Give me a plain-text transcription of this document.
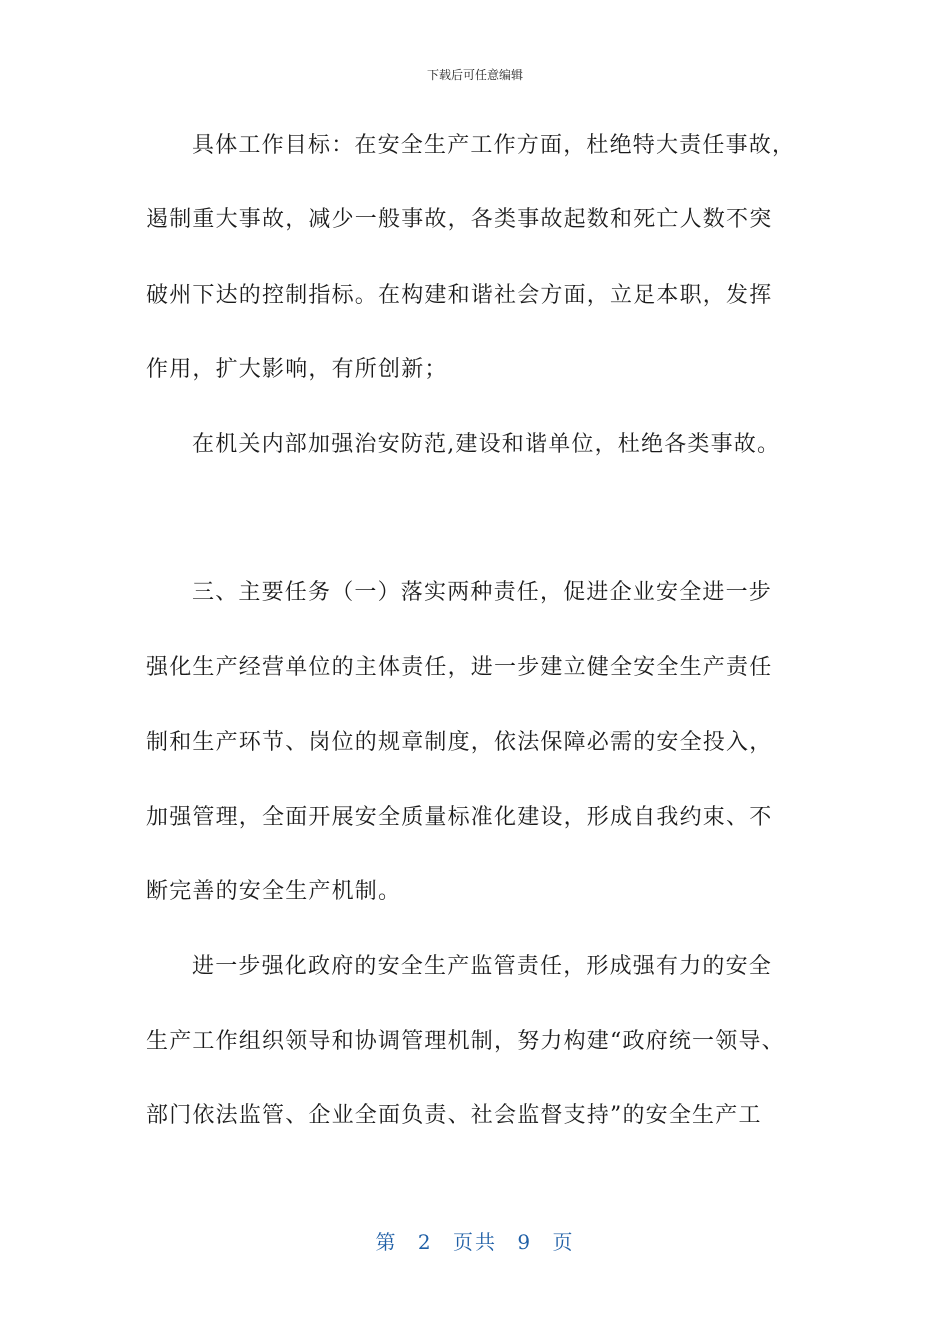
下载后可任意编辑
具体工作目标：在安全生产工作方面，杜绝特大责任事故，
遏制重大事故，减少一般事故，各类事故起数和死亡人数不突
破州下达的控制指标。在构建和谐社会方面，立足本职，发挥
作用，扩大影响，有所创新；
在机关内部加强治安防范,建设和谐单位，杜绝各类事故。
三、主要任务（一）落实两种责任，促进企业安全进一步
强化生产经营单位的主体责任，进一步建立健全安全生产责任
制和生产环节、岗位的规章制度，依法保障必需的安全投入，
加强管理，全面开展安全质量标准化建设，形成自我约束、不
断完善的安全生产机制。
进一步强化政府的安全生产监管责任，形成强有力的安全
生产工作组织领导和协调管理机制，努力构建“政府统一领导、
部门依法监管、企业全面负责、社会监督支持”的安全生产工
第 2 页共 9 页
